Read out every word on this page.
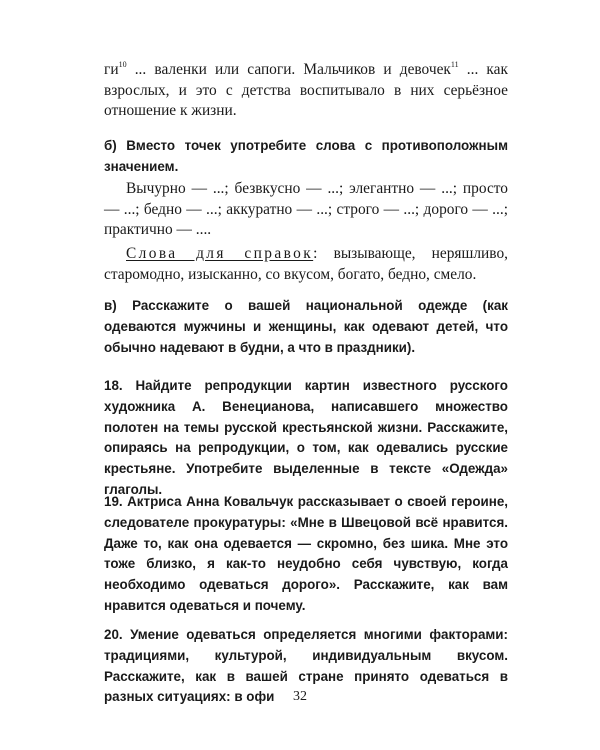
$ги^{10}$ ... валенки или сапоги. Мальчиков и девочек$^{11}$ ... как взрослых, и это с детства воспитывало в них серьёзное отношение к жизни.

б) Вместо точек употребите слова с противоположным значением.

Вычурно — ...; безвкусно — ...; элегантно — ...; просто — ...; бедно — ...; аккуратно — ...; строго — ...; дорого — ...; практично — ....

Слова для справок: вызывающе, неряшливо, старомодно, изысканно, со вкусом, богато, бедно, смело.

в) Расскажите о вашей национальной одежде (как одеваются мужчины и женщины, как одевают детей, что обычно надевают в будни, а что в праздники).

18. Найдите репродукции картин известного русского художника А. Венецианова, написавшего множество полотен на темы русской крестьянской жизни. Расскажите, опираясь на репродукции, о том, как одевались русские крестьяне. Употребите выделенные в тексте «Одежда» глаголы.

19. Актриса Анна Ковальчук рассказывает о своей героине, следователе прокуратуры: «Мне в Швецовой всё нравится. Даже то, как она одевается — скромно, без шика. Мне это тоже близко, я как-то неудобно себя чувствую, когда необходимо одеваться дорого». Расскажите, как вам нравится одеваться и почему.

20. Умение одеваться определяется многими факторами: традициями, культурой, индивидуальным вкусом. Расскажите, как в вашей стране принято одеваться в разных ситуациях: в офи	32
